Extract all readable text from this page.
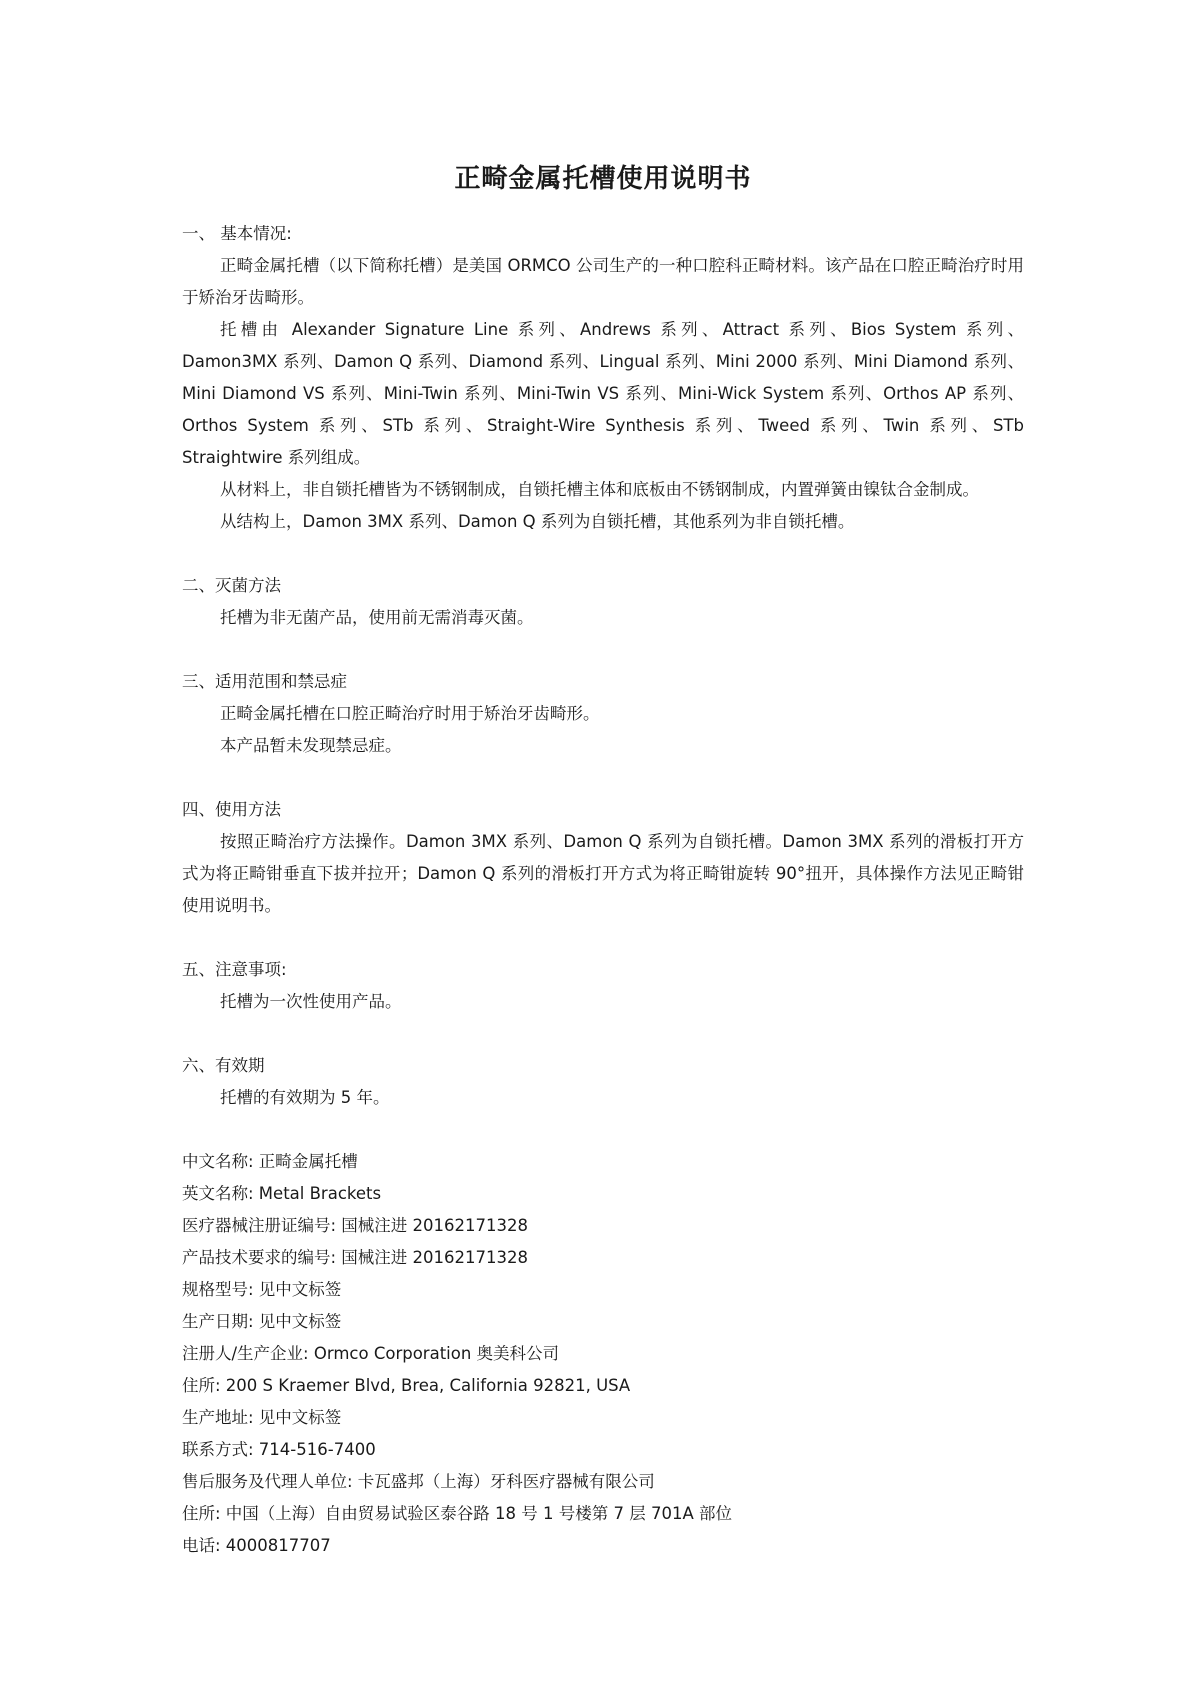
正畸金属托槽使用说明书

一、 基本情况:

正畸金属托槽（以下简称托槽）是美国 ORMCO 公司生产的一种口腔科正畸材料。该产品在口腔正畸治疗时用于矫治牙齿畸形。

托槽由 Alexander Signature Line 系列、Andrews 系列、Attract 系列、Bios System 系列、Damon3MX 系列、Damon Q 系列、Diamond 系列、Lingual 系列、Mini 2000 系列、Mini Diamond 系列、Mini Diamond VS 系列、Mini-Twin 系列、Mini-Twin VS 系列、Mini-Wick System 系列、Orthos AP 系列、Orthos System 系列、STb 系列、Straight-Wire Synthesis 系列、Tweed 系列、Twin 系列、STb Straightwire 系列组成。

从材料上，非自锁托槽皆为不锈钢制成，自锁托槽主体和底板由不锈钢制成，内置弹簧由镍钛合金制成。

从结构上，Damon 3MX 系列、Damon Q 系列为自锁托槽，其他系列为非自锁托槽。

二、灭菌方法

托槽为非无菌产品，使用前无需消毒灭菌。

三、适用范围和禁忌症

正畸金属托槽在口腔正畸治疗时用于矫治牙齿畸形。

本产品暂未发现禁忌症。

四、使用方法

按照正畸治疗方法操作。Damon 3MX 系列、Damon Q 系列为自锁托槽。Damon 3MX 系列的滑板打开方式为将正畸钳垂直下拔并拉开；Damon Q 系列的滑板打开方式为将正畸钳旋转 90°扭开，具体操作方法见正畸钳使用说明书。

五、注意事项:

托槽为一次性使用产品。

六、有效期

托槽的有效期为 5 年。

中文名称: 正畸金属托槽

英文名称: Metal Brackets

医疗器械注册证编号: 国械注进 20162171328

产品技术要求的编号: 国械注进 20162171328

规格型号: 见中文标签

生产日期: 见中文标签

注册人/生产企业: Ormco Corporation 奥美科公司

住所: 200 S Kraemer Blvd, Brea, California 92821, USA

生产地址: 见中文标签

联系方式: 714-516-7400

售后服务及代理人单位: 卡瓦盛邦（上海）牙科医疗器械有限公司

住所: 中国（上海）自由贸易试验区泰谷路 18 号 1 号楼第 7 层 701A 部位

电话: 4000817707
